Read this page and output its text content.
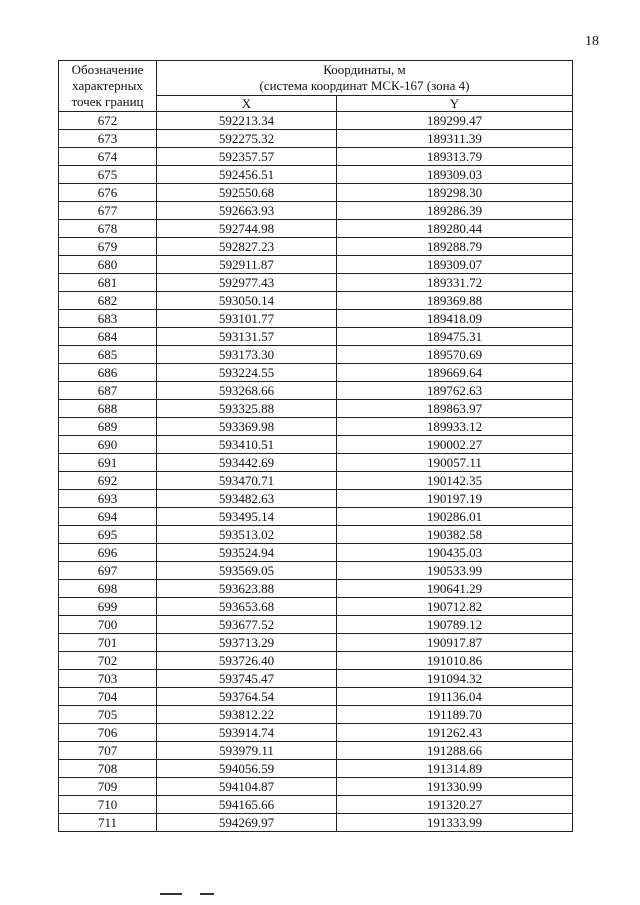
18
Обозначение
характерных
точек границ	Координаты, м
(система координат МСК-167 (зона 4)	

	X	Y
672	592213.34	189299.47
673	592275.32	189311.39
674	592357.57	189313.79
675	592456.51	189309.03
676	592550.68	189298.30
677	592663.93	189286.39
678	592744.98	189280.44
679	592827.23	189288.79
680	592911.87	189309.07
681	592977.43	189331.72
682	593050.14	189369.88
683	593101.77	189418.09
684	593131.57	189475.31
685	593173.30	189570.69
686	593224.55	189669.64
687	593268.66	189762.63
688	593325.88	189863.97
689	593369.98	189933.12
690	593410.51	190002.27
691	593442.69	190057.11
692	593470.71	190142.35
693	593482.63	190197.19
694	593495.14	190286.01
695	593513.02	190382.58
696	593524.94	190435.03
697	593569.05	190533.99
698	593623.88	190641.29
699	593653.68	190712.82
700	593677.52	190789.12
701	593713.29	190917.87
702	593726.40	191010.86
703	593745.47	191094.32
704	593764.54	191136.04
705	593812.22	191189.70
706	593914.74	191262.43
707	593979.11	191288.66
708	594056.59	191314.89
709	594104.87	191330.99
710	594165.66	191320.27
711	594269.97	191333.99
